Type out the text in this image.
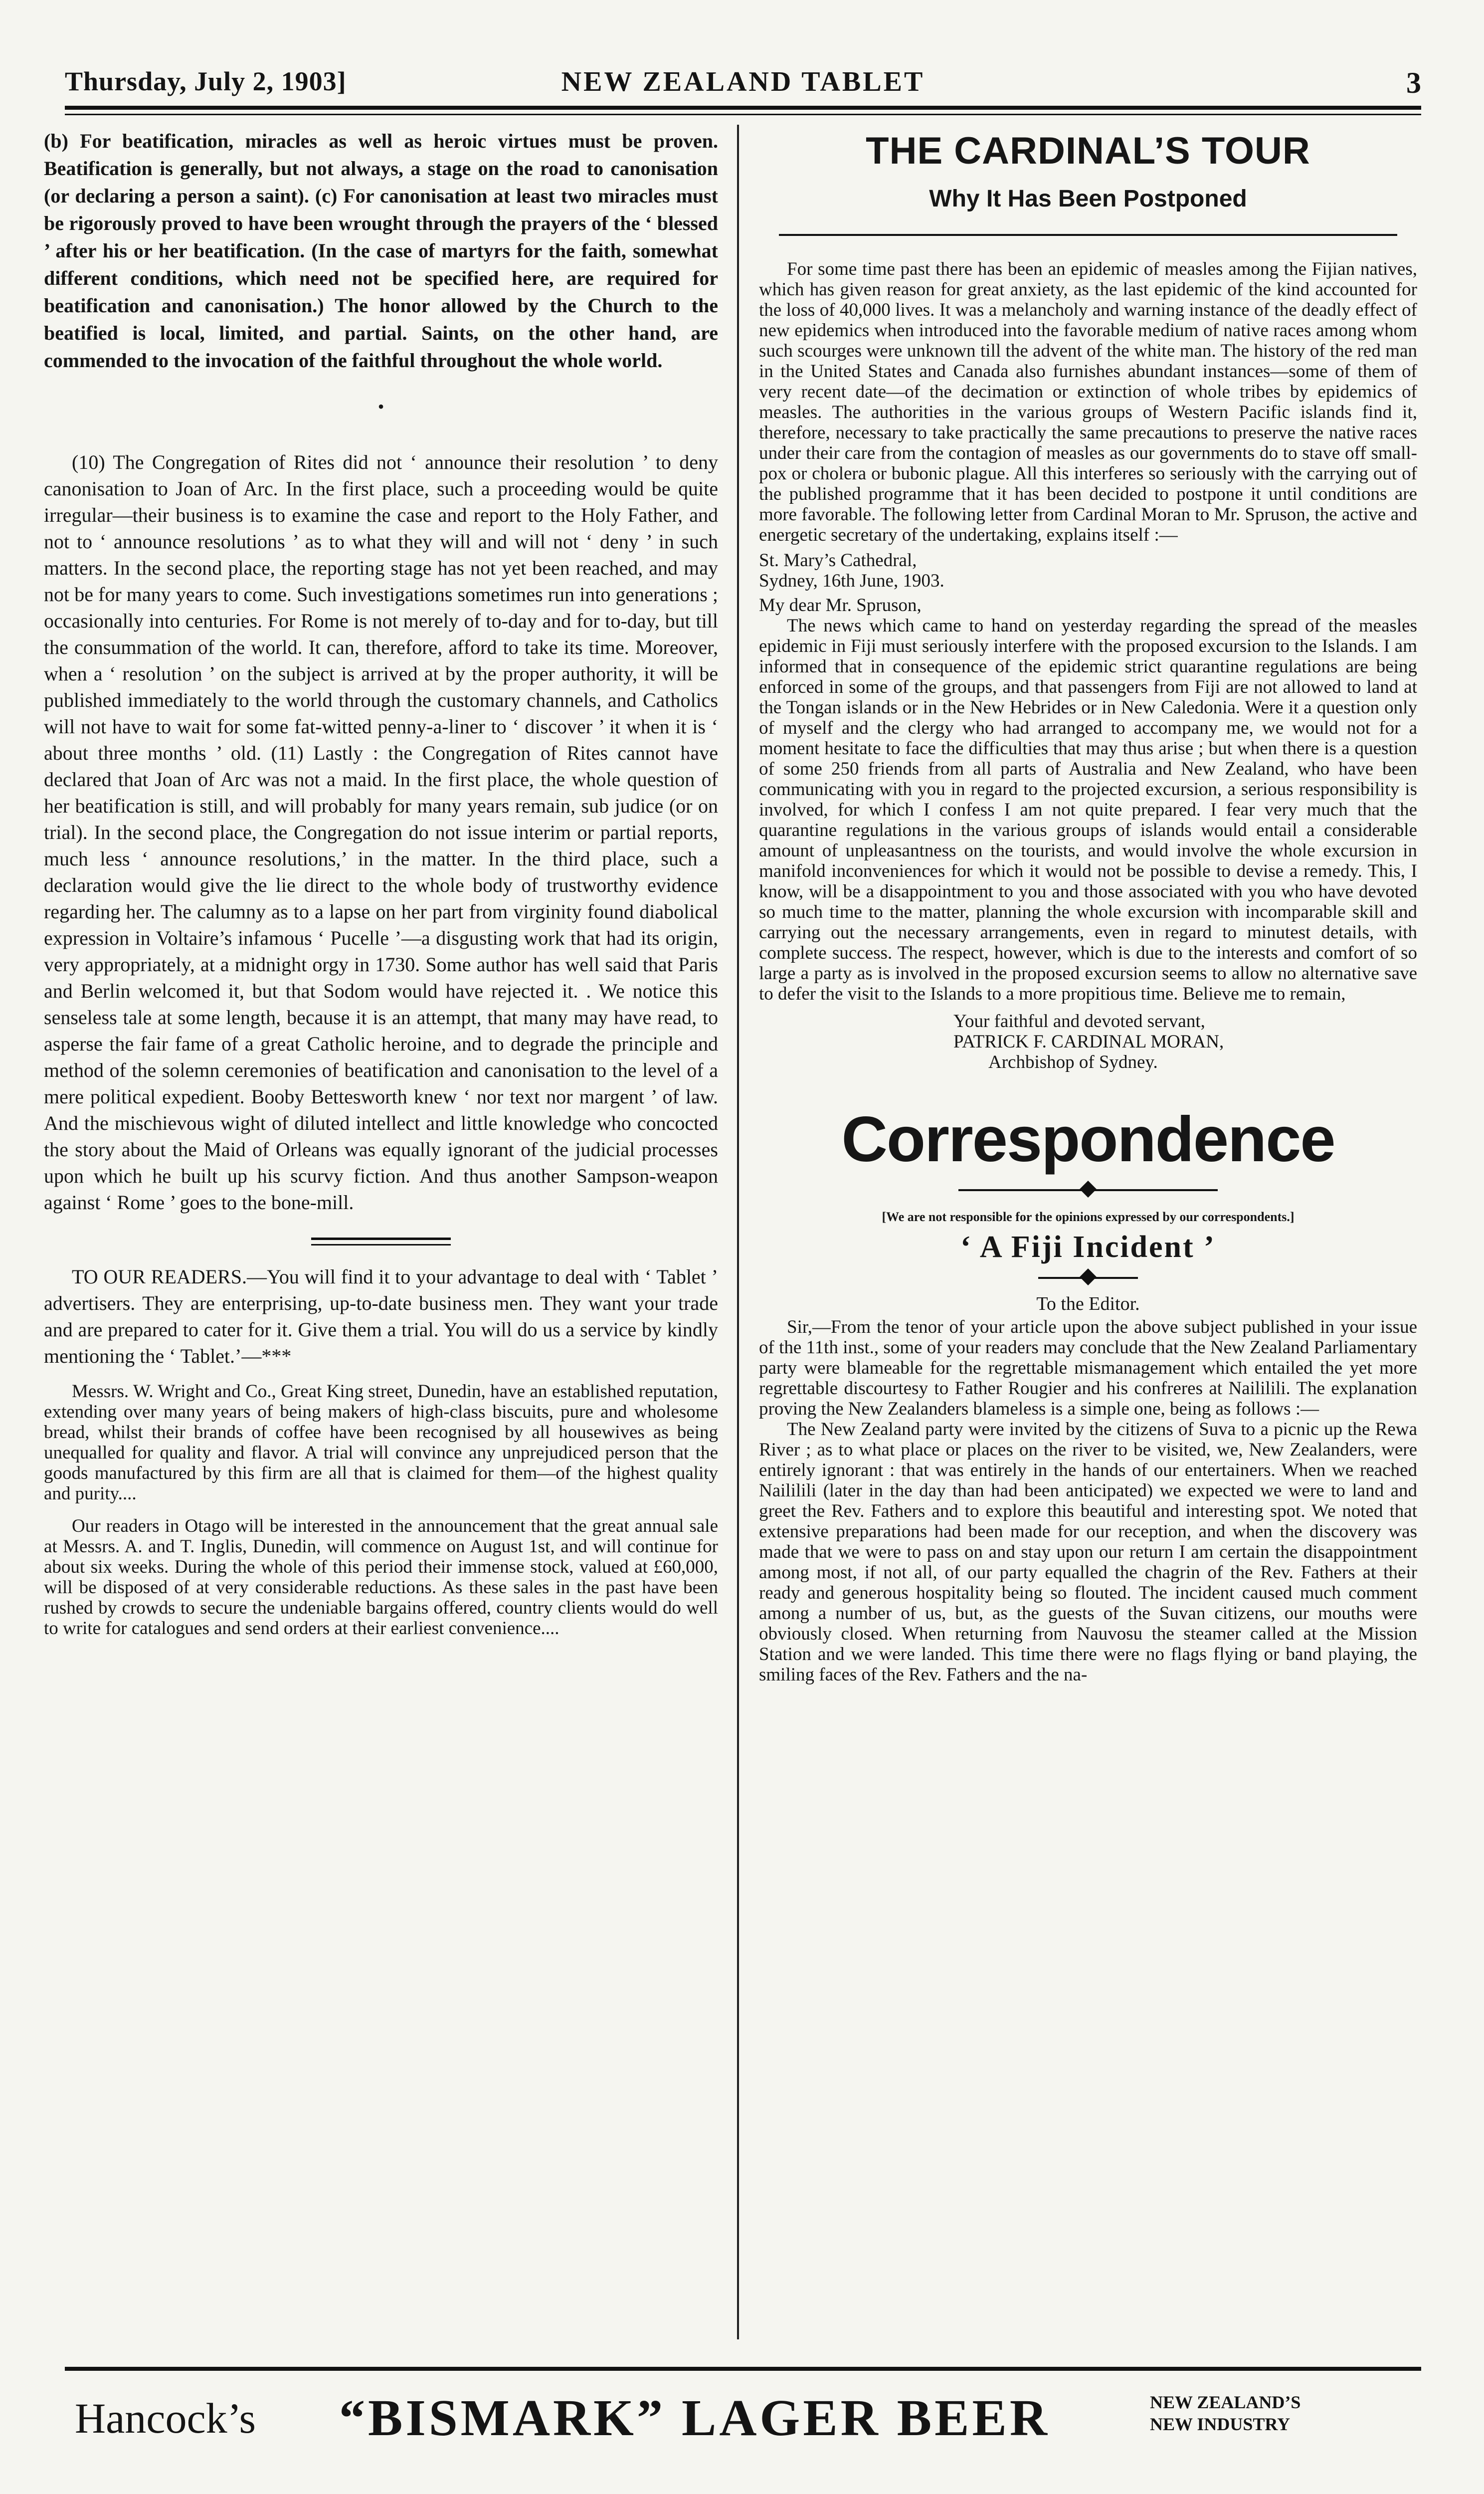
Thursday, July 2, 1903]	NEW ZEALAND TABLET	3

(b) For beatification, miracles as well as heroic virtues must be proven. Beatification is generally, but not always, a stage on the road to canonisation (or declaring a person a saint). (c) For canonisation at least two miracles must be rigorously proved to have been wrought through the prayers of the ‘ blessed ’ after his or her beatification. (In the case of martyrs for the faith, somewhat different conditions, which need not be specified here, are required for beatification and canonisation.) The honor allowed by the Church to the beatified is local, limited, and partial. Saints, on the other hand, are commended to the invocation of the faithful throughout the whole world.

•

(10) The Congregation of Rites did not ‘ announce their resolution ’ to deny canonisation to Joan of Arc. In the first place, such a proceeding would be quite irregular—their business is to examine the case and report to the Holy Father, and not to ‘ announce resolutions ’ as to what they will and will not ‘ deny ’ in such matters. In the second place, the reporting stage has not yet been reached, and may not be for many years to come. Such investigations sometimes run into generations ; occasionally into centuries. For Rome is not merely of to-day and for to-day, but till the consummation of the world. It can, therefore, afford to take its time. Moreover, when a ‘ resolution ’ on the subject is arrived at by the proper authority, it will be published immediately to the world through the customary channels, and Catholics will not have to wait for some fat-witted penny-a-liner to ‘ discover ’ it when it is ‘ about three months ’ old. (11) Lastly : the Congregation of Rites cannot have declared that Joan of Arc was not a maid. In the first place, the whole question of her beatification is still, and will probably for many years remain, sub judice (or on trial). In the second place, the Congregation do not issue interim or partial reports, much less ‘ announce resolutions,’ in the matter. In the third place, such a declaration would give the lie direct to the whole body of trustworthy evidence regarding her. The calumny as to a lapse on her part from virginity found diabolical expression in Voltaire’s infamous ‘ Pucelle ’—a disgusting work that had its origin, very appropriately, at a midnight orgy in 1730. Some author has well said that Paris and Berlin welcomed it, but that Sodom would have rejected it. . We notice this senseless tale at some length, because it is an attempt, that many may have read, to asperse the fair fame of a great Catholic heroine, and to degrade the principle and method of the solemn ceremonies of beatification and canonisation to the level of a mere political expedient. Booby Bettesworth knew ‘ nor text nor margent ’ of law. And the mischievous wight of diluted intellect and little knowledge who concocted the story about the Maid of Orleans was equally ignorant of the judicial processes upon which he built up his scurvy fiction. And thus another Sampson-weapon against ‘ Rome ’ goes to the bone-mill.

TO OUR READERS.—You will find it to your advantage to deal with ‘ Tablet ’ advertisers. They are enterprising, up-to-date business men. They want your trade and are prepared to cater for it. Give them a trial. You will do us a service by kindly mentioning the ‘ Tablet.’—***

Messrs. W. Wright and Co., Great King street, Dunedin, have an established reputation, extending over many years of being makers of high-class biscuits, pure and wholesome bread, whilst their brands of coffee have been recognised by all housewives as being unequalled for quality and flavor. A trial will convince any unprejudiced person that the goods manufactured by this firm are all that is claimed for them—of the highest quality and purity....

Our readers in Otago will be interested in the announcement that the great annual sale at Messrs. A. and T. Inglis, Dunedin, will commence on August 1st, and will continue for about six weeks. During the whole of this period their immense stock, valued at £60,000, will be disposed of at very considerable reductions. As these sales in the past have been rushed by crowds to secure the undeniable bargains offered, country clients would do well to write for catalogues and send orders at their earliest convenience....

THE CARDINAL’S TOUR
Why It Has Been Postponed

For some time past there has been an epidemic of measles among the Fijian natives, which has given reason for great anxiety, as the last epidemic of the kind accounted for the loss of 40,000 lives. It was a melancholy and warning instance of the deadly effect of new epidemics when introduced into the favorable medium of native races among whom such scourges were unknown till the advent of the white man. The history of the red man in the United States and Canada also furnishes abundant instances—some of them of very recent date—of the decimation or extinction of whole tribes by epidemics of measles. The authorities in the various groups of Western Pacific islands find it, therefore, necessary to take practically the same precautions to preserve the native races under their care from the contagion of measles as our governments do to stave off small-pox or cholera or bubonic plague. All this interferes so seriously with the carrying out of the published programme that it has been decided to postpone it until conditions are more favorable. The following letter from Cardinal Moran to Mr. Spruson, the active and energetic secretary of the undertaking, explains itself :—

St. Mary’s Cathedral,

Sydney, 16th June, 1903.

My dear Mr. Spruson,

The news which came to hand on yesterday regarding the spread of the measles epidemic in Fiji must seriously interfere with the proposed excursion to the Islands. I am informed that in consequence of the epidemic strict quarantine regulations are being enforced in some of the groups, and that passengers from Fiji are not allowed to land at the Tongan islands or in the New Hebrides or in New Caledonia. Were it a question only of myself and the clergy who had arranged to accompany me, we would not for a moment hesitate to face the difficulties that may thus arise ; but when there is a question of some 250 friends from all parts of Australia and New Zealand, who have been communicating with you in regard to the projected excursion, a serious responsibility is involved, for which I confess I am not quite prepared. I fear very much that the quarantine regulations in the various groups of islands would entail a considerable amount of unpleasantness on the tourists, and would involve the whole excursion in manifold inconveniences for which it would not be possible to devise a remedy. This, I know, will be a disappointment to you and those associated with you who have devoted so much time to the matter, planning the whole excursion with incomparable skill and carrying out the necessary arrangements, even in regard to minutest details, with complete success. The respect, however, which is due to the interests and comfort of so large a party as is involved in the proposed excursion seems to allow no alternative save to defer the visit to the Islands to a more propitious time. Believe me to remain,

Your faithful and devoted servant,

PATRICK F. CARDINAL MORAN,

Archbishop of Sydney.

Correspondence

[We are not responsible for the opinions expressed by our correspondents.]

‘ A Fiji Incident ’

To the Editor.

Sir,—From the tenor of your article upon the above subject published in your issue of the 11th inst., some of your readers may conclude that the New Zealand Parliamentary party were blameable for the regrettable mismanagement which entailed the yet more regrettable discourtesy to Father Rougier and his confreres at Naililili. The explanation proving the New Zealanders blameless is a simple one, being as follows :—

The New Zealand party were invited by the citizens of Suva to a picnic up the Rewa River ; as to what place or places on the river to be visited, we, New Zealanders, were entirely ignorant : that was entirely in the hands of our entertainers. When we reached Naililili (later in the day than had been anticipated) we expected we were to land and greet the Rev. Fathers and to explore this beautiful and interesting spot. We noted that extensive preparations had been made for our reception, and when the discovery was made that we were to pass on and stay upon our return I am certain the disappointment among most, if not all, of our party equalled the chagrin of the Rev. Fathers at their ready and generous hospitality being so flouted. The incident caused much comment among a number of us, but, as the guests of the Suvan citizens, our mouths were obviously closed. When returning from Nauvosu the steamer called at the Mission Station and we were landed. This time there were no flags flying or band playing, the smiling faces of the Rev. Fathers and the na-

Hancock’s “BISMARK” LAGER BEER	NEW ZEALAND’S
NEW INDUSTRY
